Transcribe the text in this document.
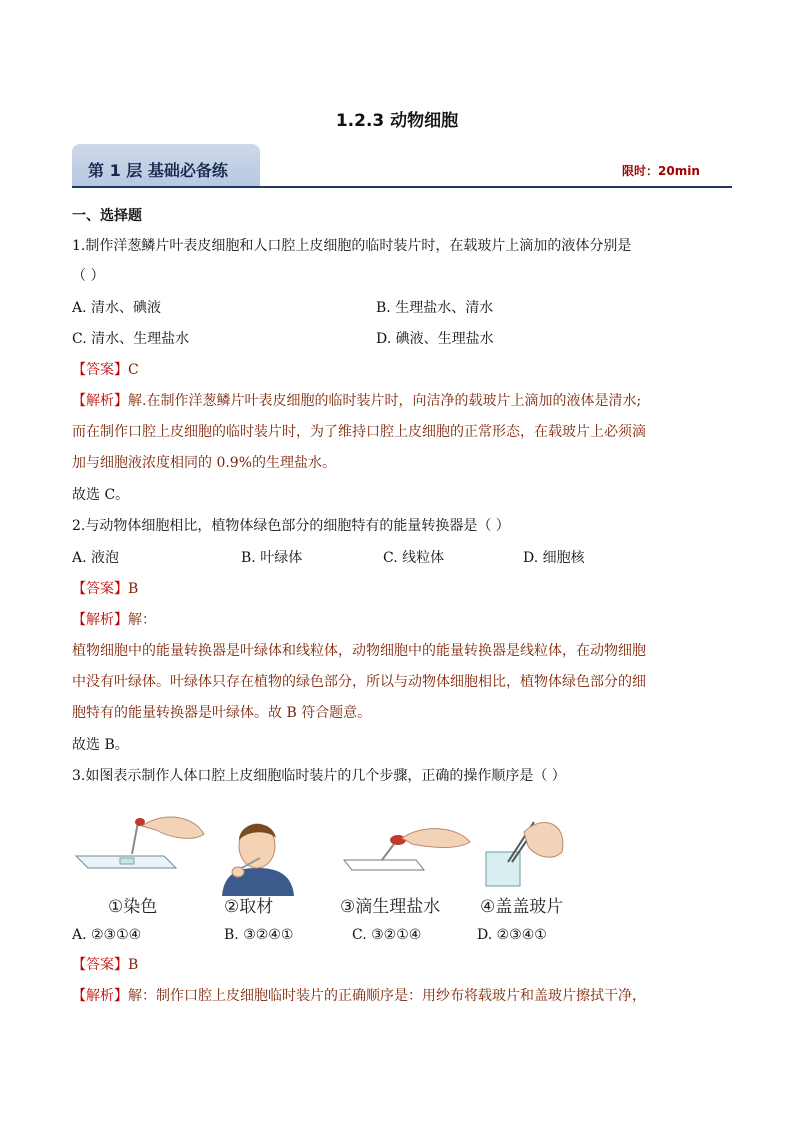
1.2.3 动物细胞
第 1 层 基础必备练	限时：20min
一、选择题
1.制作洋葱鳞片叶表皮细胞和人口腔上皮细胞的临时装片时，在载玻片上滴加的液体分别是
（ ）
A. 清水、碘液	B. 生理盐水、清水
C. 清水、生理盐水	D. 碘液、生理盐水
【答案】C
【解析】解.在制作洋葱鳞片叶表皮细胞的临时装片时，向洁净的载玻片上滴加的液体是清水;
而在制作口腔上皮细胞的临时装片时，为了维持口腔上皮细胞的正常形态，在载玻片上必须滴
加与细胞液浓度相同的 0.9%的生理盐水。
故选 C。
2.与动物体细胞相比，植物体绿色部分的细胞特有的能量转换器是（ ）
A. 液泡	B. 叶绿体	C. 线粒体	D. 细胞核
【答案】B
【解析】解：
植物细胞中的能量转换器是叶绿体和线粒体，动物细胞中的能量转换器是线粒体，在动物细胞
中没有叶绿体。叶绿体只存在植物的绿色部分，所以与动物体细胞相比，植物体绿色部分的细
胞特有的能量转换器是叶绿体。故 B 符合题意。
故选 B。
3.如图表示制作人体口腔上皮细胞临时装片的几个步骤，正确的操作顺序是（ ）
①染色	②取材	③滴生理盐水 ④盖盖玻片
A. ②③①④	B. ③②④①	C. ③②①④	D. ②③④①
【答案】B
【解析】解：制作口腔上皮细胞临时装片的正确顺序是：用纱布将载玻片和盖玻片擦拭干净，
